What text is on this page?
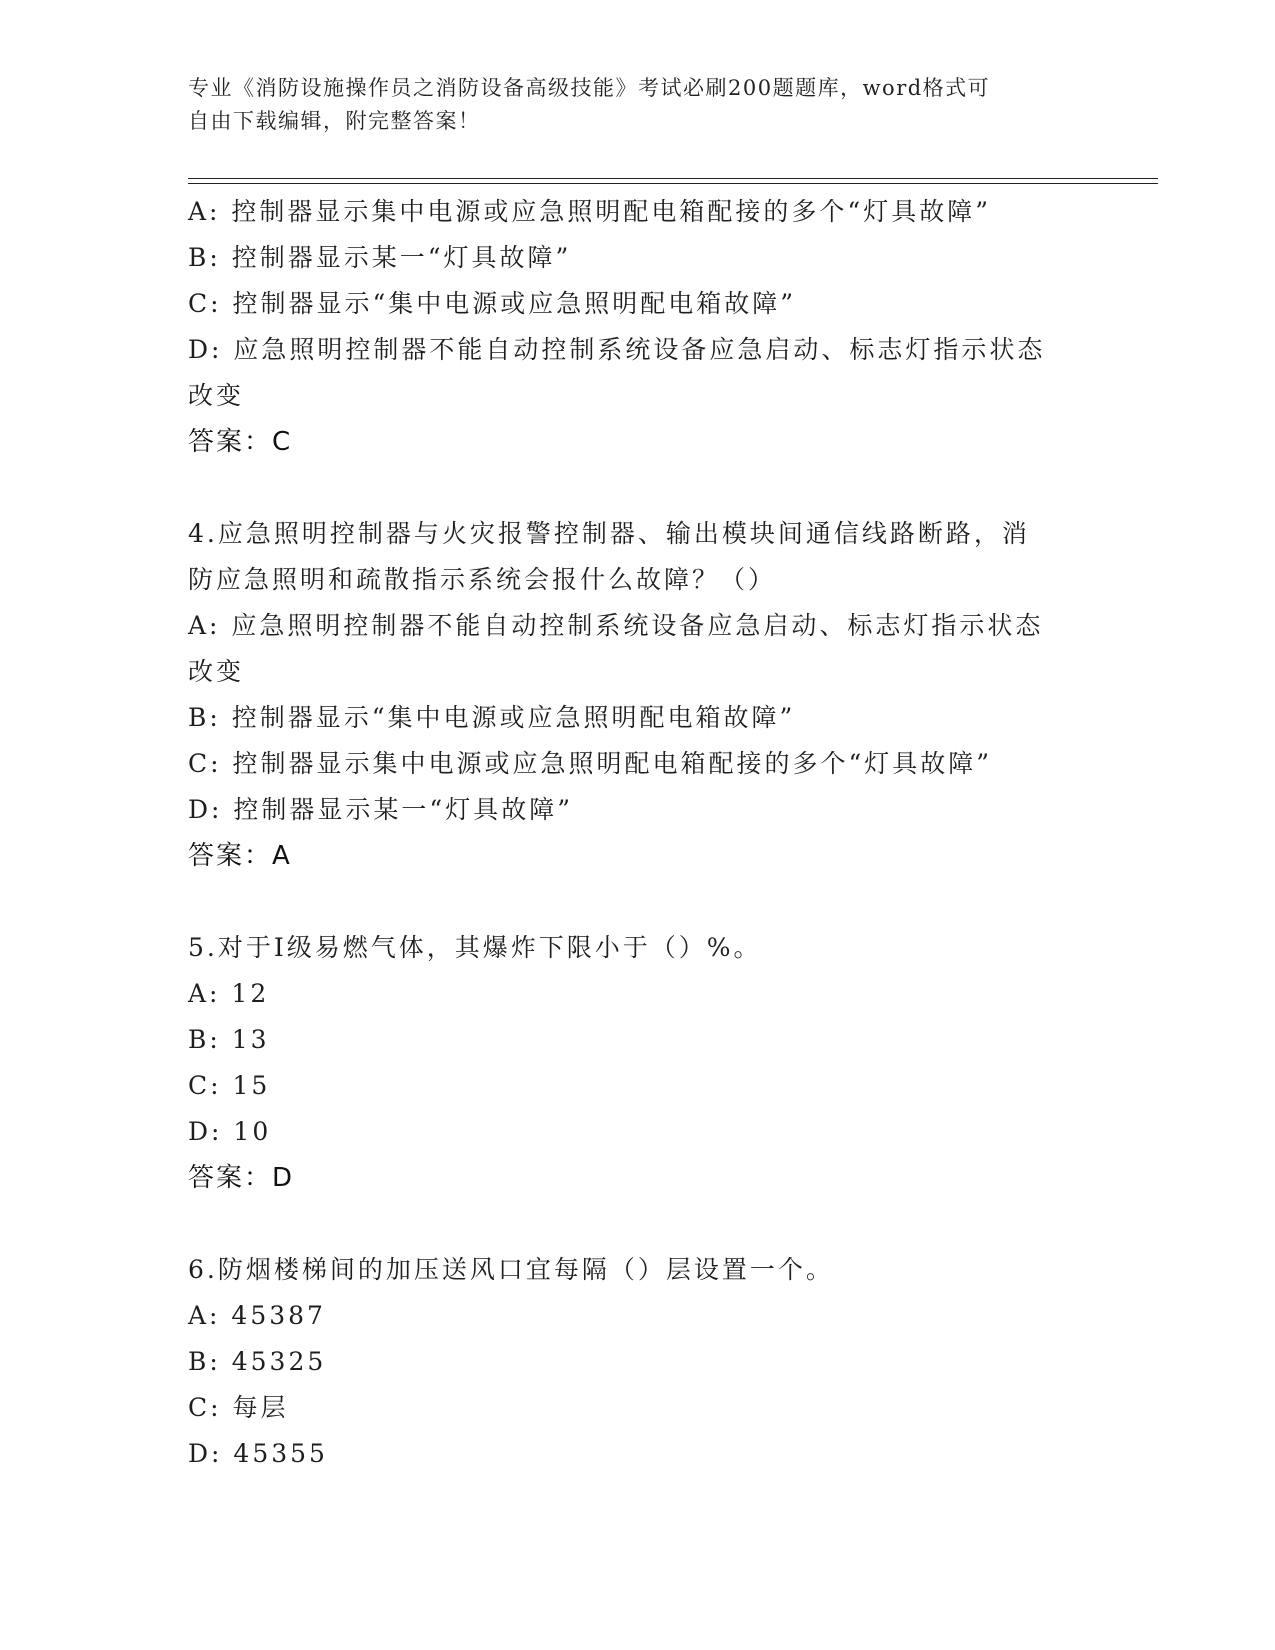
专业《消防设施操作员之消防设备高级技能》考试必刷200题题库，word格式可
自由下载编辑，附完整答案！
A: 控制器显示集中电源或应急照明配电箱配接的多个“灯具故障”
B: 控制器显示某一“灯具故障”
C: 控制器显示“集中电源或应急照明配电箱故障”
D: 应急照明控制器不能自动控制系统设备应急启动、标志灯指示状态
改变
答案：C
4.应急照明控制器与火灾报警控制器、输出模块间通信线路断路，消
防应急照明和疏散指示系统会报什么故障？（）
A: 应急照明控制器不能自动控制系统设备应急启动、标志灯指示状态
改变
B: 控制器显示“集中电源或应急照明配电箱故障”
C: 控制器显示集中电源或应急照明配电箱配接的多个“灯具故障”
D: 控制器显示某一“灯具故障”
答案：A
5.对于Ⅰ级易燃气体，其爆炸下限小于（）%。
A: 12
B: 13
C: 15
D: 10
答案：D
6.防烟楼梯间的加压送风口宜每隔（）层设置一个。
A: 45387
B: 45325
C: 每层
D: 45355
